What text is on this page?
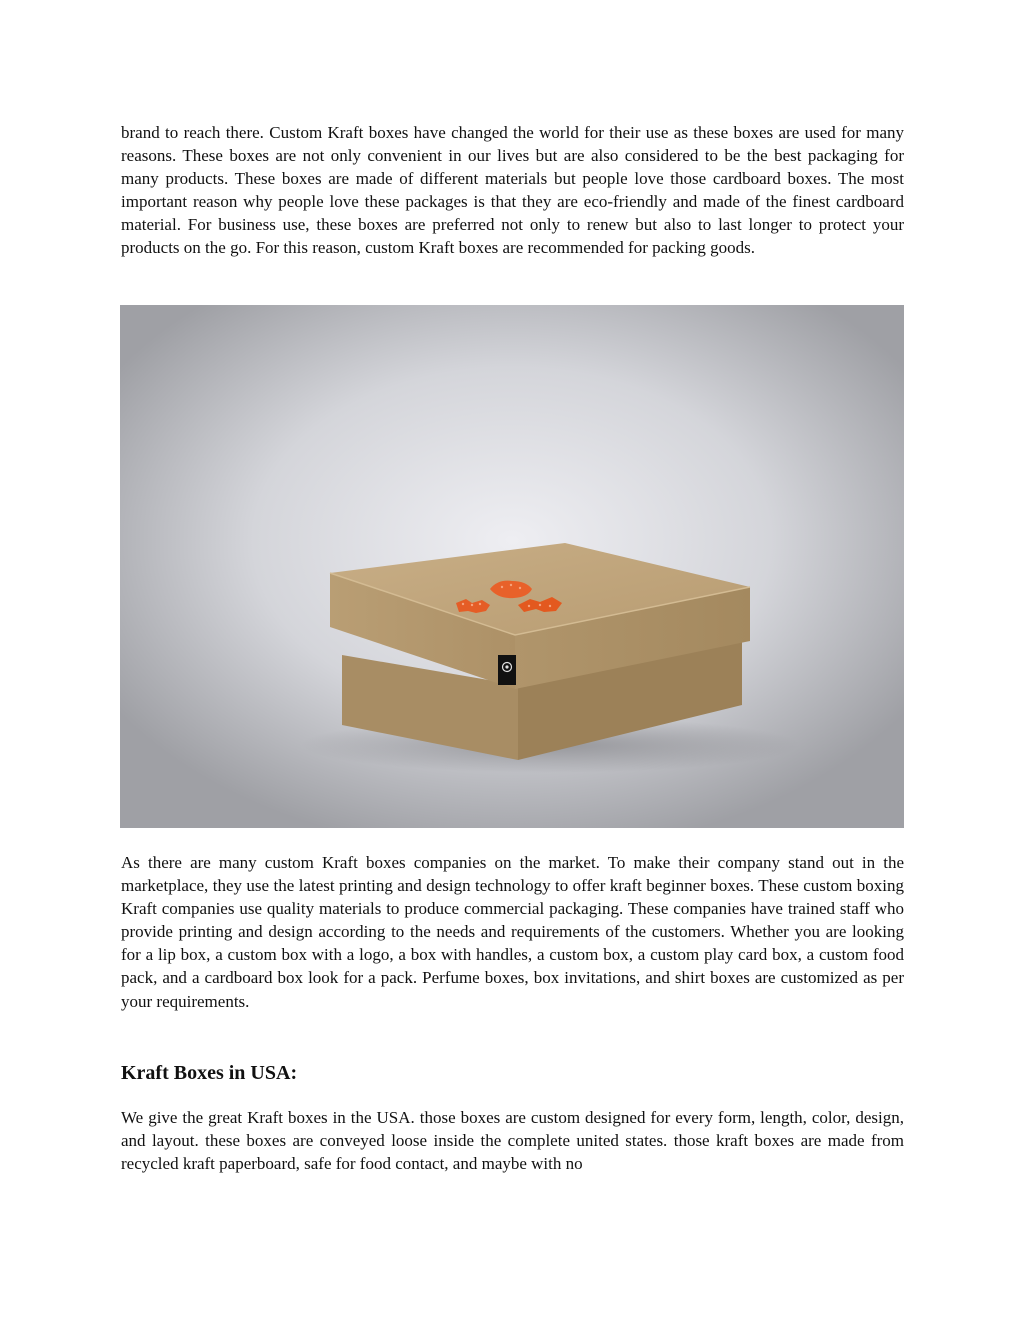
brand to reach there. Custom Kraft boxes have changed the world for their use as these boxes are used for many reasons. These boxes are not only convenient in our lives but are also considered to be the best packaging for many products. These boxes are made of different materials but people love those cardboard boxes. The most important reason why people love these packages is that they are eco-friendly and made of the finest cardboard material. For business use, these boxes are preferred not only to renew but also to last longer to protect your products on the go. For this reason, custom Kraft boxes are recommended for packing goods.

As there are many custom Kraft boxes companies on the market. To make their company stand out in the marketplace, they use the latest printing and design technology to offer kraft beginner boxes. These custom boxing Kraft companies use quality materials to produce commercial packaging. These companies have trained staff who provide printing and design according to the needs and requirements of the customers. Whether you are looking for a lip box, a custom box with a logo, a box with handles, a custom box, a custom play card box, a custom food pack, and a cardboard box look for a pack. Perfume boxes, box invitations, and shirt boxes are customized as per your requirements.

Kraft Boxes in USA:

We give the great Kraft boxes in the USA. those boxes are custom designed for every form, length, color, design, and layout. these boxes are conveyed loose inside the complete united states. those kraft boxes are made from recycled kraft paperboard, safe for food contact, and maybe with no
